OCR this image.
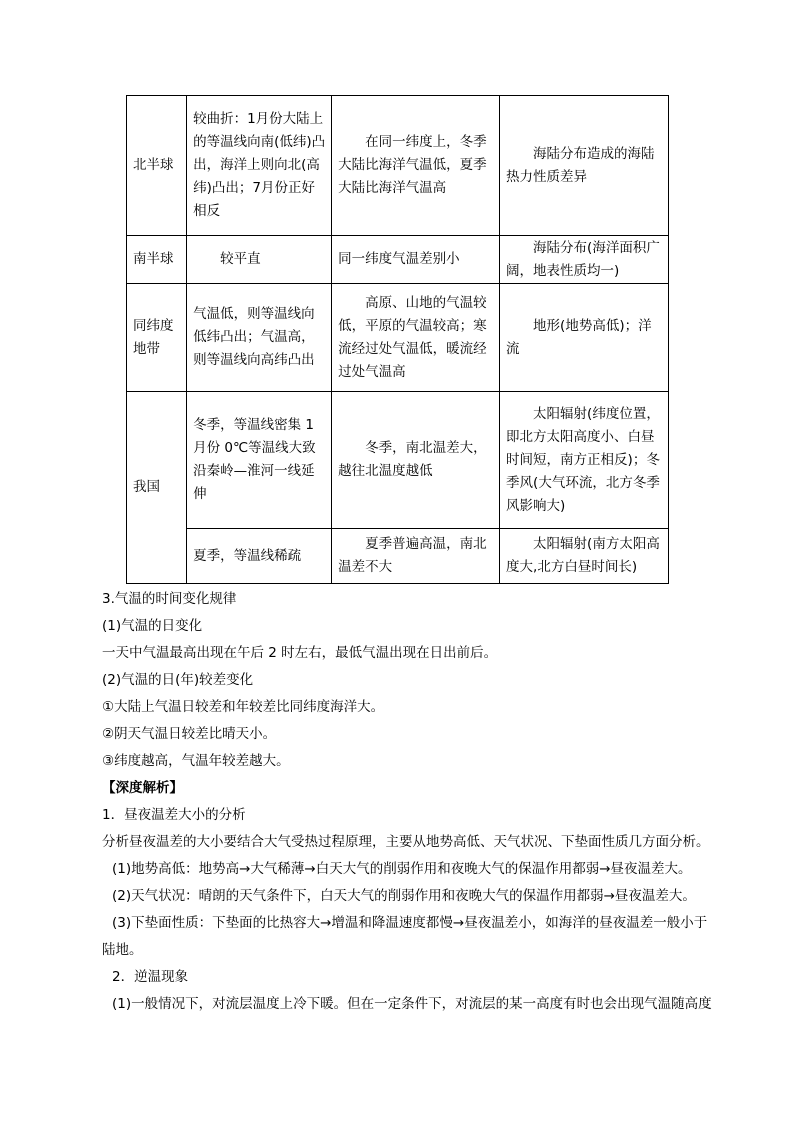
北半球	较曲折：1月份大陆上的等温线向南(低纬)凸出，海洋上则向北(高纬)凸出；7月份正好相反	在同一纬度上，冬季大陆比海洋气温低，夏季大陆比海洋气温高	海陆分布造成的海陆热力性质差异

南半球	较平直	同一纬度气温差别小	海陆分布(海洋面积广阔，地表性质均一)

同纬度地带	气温低，则等温线向低纬凸出；气温高，则等温线向高纬凸出	高原、山地的气温较低，平原的气温较高；寒流经过处气温低，暖流经过处气温高	地形(地势高低)；洋流

我国	冬季，等温线密集 1月份 0℃等温线大致沿秦岭—淮河一线延伸	冬季，南北温差大，越往北温度越低	太阳辐射(纬度位置，即北方太阳高度小、白昼时间短，南方正相反)；冬季风(大气环流，北方冬季风影响大)

	夏季，等温线稀疏	夏季普遍高温，南北温差不大	太阳辐射(南方太阳高度大,北方白昼时间长)
3.气温的时间变化规律
(1)气温的日变化
一天中气温最高出现在午后 2 时左右，最低气温出现在日出前后。
(2)气温的日(年)较差变化
①大陆上气温日较差和年较差比同纬度海洋大。
②阴天气温日较差比晴天小。
③纬度越高，气温年较差越大。
【深度解析】
1．昼夜温差大小的分析
分析昼夜温差的大小要结合大气受热过程原理，主要从地势高低、天气状况、下垫面性质几方面分析。
(1)地势高低：地势高→大气稀薄→白天大气的削弱作用和夜晚大气的保温作用都弱→昼夜温差大。
(2)天气状况：晴朗的天气条件下，白天大气的削弱作用和夜晚大气的保温作用都弱→昼夜温差大。
(3)下垫面性质：下垫面的比热容大→增温和降温速度都慢→昼夜温差小，如海洋的昼夜温差一般小于
陆地。
2．逆温现象
(1)一般情况下，对流层温度上冷下暖。但在一定条件下，对流层的某一高度有时也会出现气温随高度
